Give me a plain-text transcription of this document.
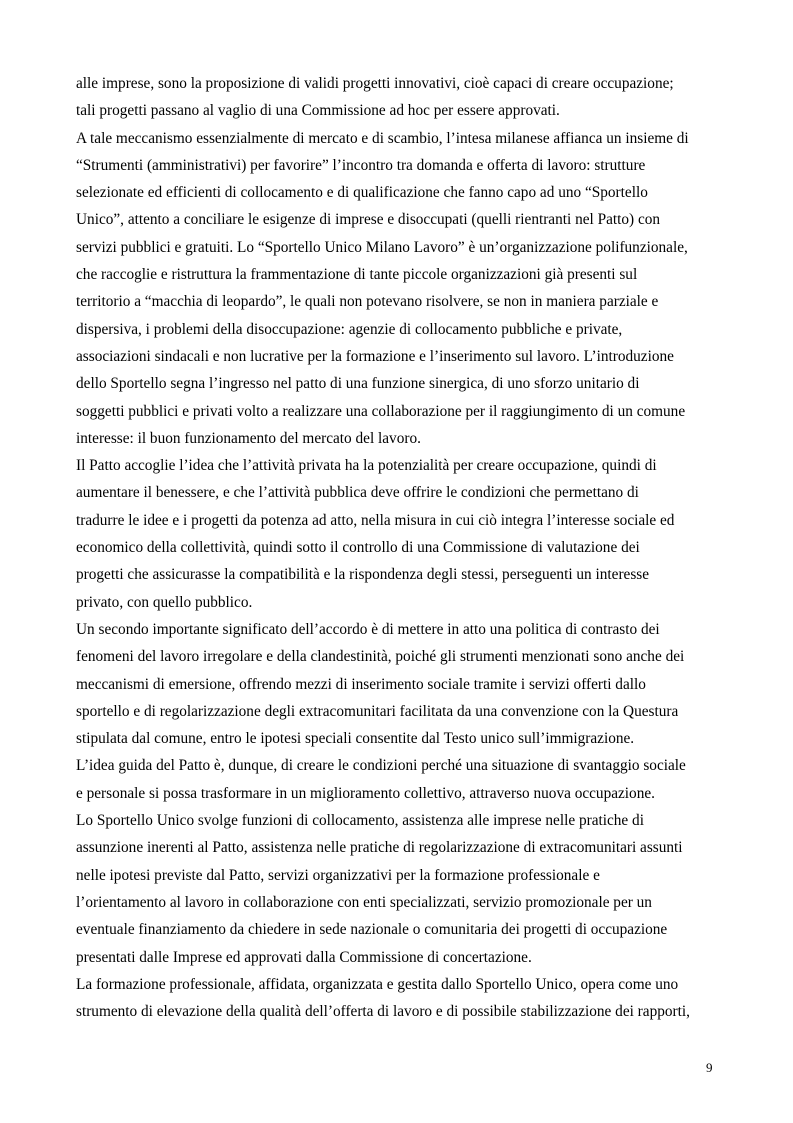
alle imprese, sono la proposizione di validi progetti innovativi, cioè capaci di creare occupazione;
tali progetti passano al vaglio di una Commissione ad hoc per essere approvati.
A tale meccanismo essenzialmente di mercato e di scambio, l’intesa milanese affianca un insieme di
“Strumenti (amministrativi) per favorire” l’incontro tra domanda e offerta di lavoro: strutture
selezionate ed efficienti di collocamento e di qualificazione che fanno capo ad uno “Sportello
Unico”, attento a conciliare le esigenze di imprese e disoccupati (quelli rientranti nel Patto) con
servizi pubblici e gratuiti. Lo “Sportello Unico Milano Lavoro” è un’organizzazione polifunzionale,
che raccoglie e ristruttura la frammentazione di tante piccole organizzazioni già presenti sul
territorio a “macchia di leopardo”, le quali non potevano risolvere, se non in maniera parziale e
dispersiva, i problemi della disoccupazione: agenzie di collocamento pubbliche e private,
associazioni sindacali e non lucrative per la formazione e l’inserimento sul lavoro. L’introduzione
dello Sportello segna l’ingresso nel patto di una funzione sinergica, di uno sforzo unitario di
soggetti pubblici e privati volto a realizzare una collaborazione per il raggiungimento di un comune
interesse: il buon funzionamento del mercato del lavoro.
Il Patto accoglie l’idea che l’attività privata ha la potenzialità per creare occupazione, quindi di
aumentare il benessere, e che l’attività pubblica deve offrire le condizioni che permettano di
tradurre le idee e i progetti da potenza ad atto, nella misura in cui ciò integra l’interesse sociale ed
economico della collettività, quindi sotto il controllo di una Commissione di valutazione dei
progetti che assicurasse la compatibilità e la rispondenza degli stessi, perseguenti un interesse
privato, con quello pubblico.
Un secondo importante significato dell’accordo è di mettere in atto una politica di contrasto dei
fenomeni del lavoro irregolare e della clandestinità, poiché gli strumenti menzionati sono anche dei
meccanismi di emersione, offrendo mezzi di inserimento sociale tramite i servizi offerti dallo
sportello e di regolarizzazione degli extracomunitari facilitata da una convenzione con la Questura
stipulata dal comune, entro le ipotesi speciali consentite dal Testo unico sull’immigrazione.
L’idea guida del Patto è, dunque, di creare le condizioni perché una situazione di svantaggio sociale
e personale si possa trasformare in un miglioramento collettivo, attraverso nuova occupazione.
Lo Sportello Unico svolge funzioni di collocamento, assistenza alle imprese nelle pratiche di
assunzione inerenti al Patto, assistenza nelle pratiche di regolarizzazione di extracomunitari assunti
nelle ipotesi previste dal Patto, servizi organizzativi per la formazione professionale e
l’orientamento al lavoro in collaborazione con enti specializzati, servizio promozionale per un
eventuale finanziamento da chiedere in sede nazionale o comunitaria dei progetti di occupazione
presentati dalle Imprese ed approvati dalla Commissione di concertazione.
La formazione professionale, affidata, organizzata e gestita dallo Sportello Unico, opera come uno
strumento di elevazione della qualità dell’offerta di lavoro e di possibile stabilizzazione dei rapporti,
9
